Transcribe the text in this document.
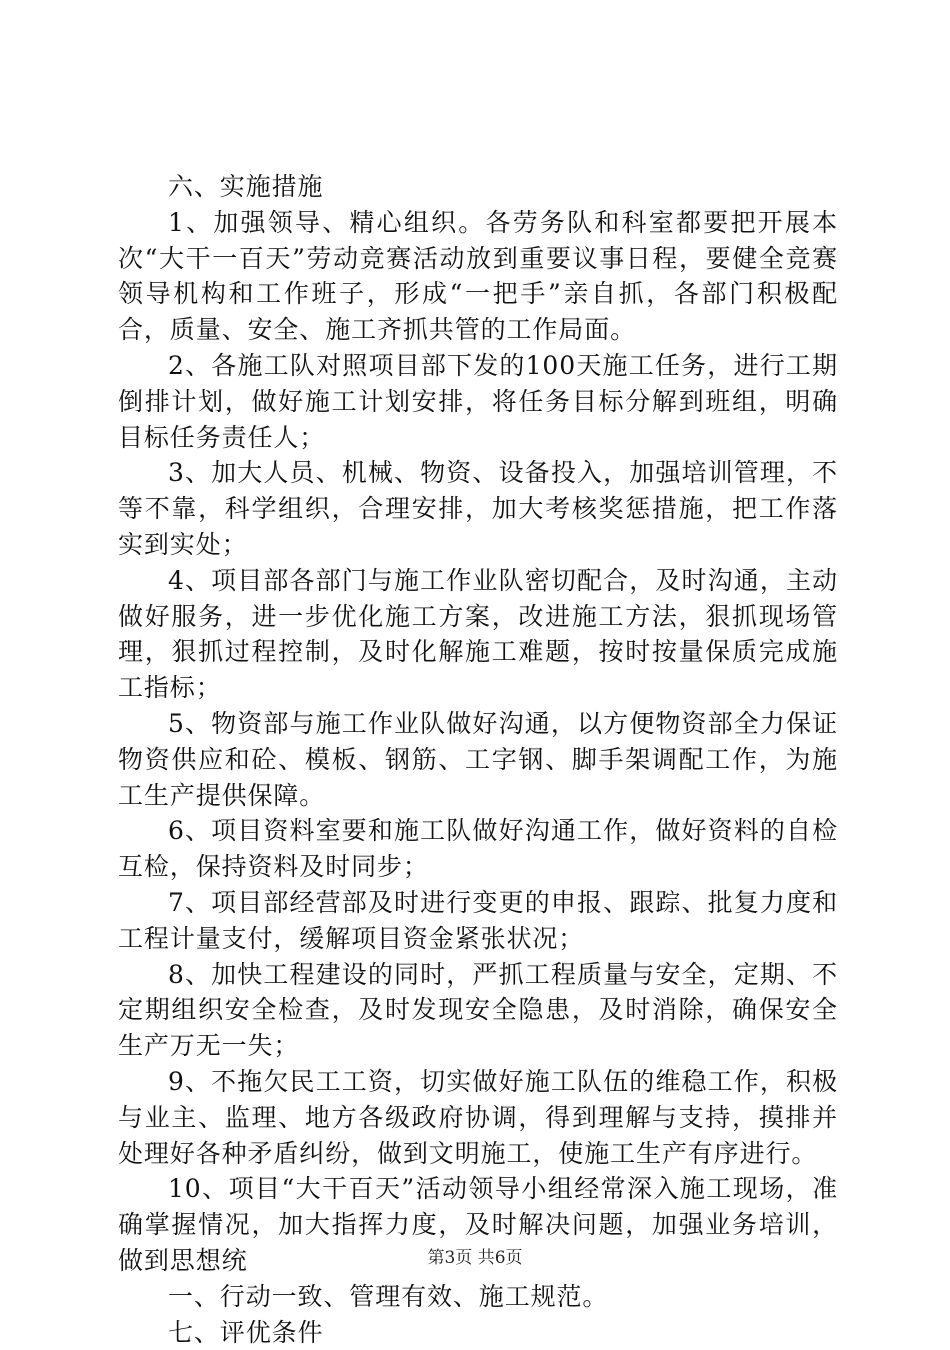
六、实施措施

1、加强领导、精心组织。各劳务队和科室都要把开展本次“大干一百天”劳动竞赛活动放到重要议事日程，要健全竞赛领导机构和工作班子，形成“一把手”亲自抓，各部门积极配合，质量、安全、施工齐抓共管的工作局面。

2、各施工队对照项目部下发的100天施工任务，进行工期倒排计划，做好施工计划安排，将任务目标分解到班组，明确目标任务责任人；

3、加大人员、机械、物资、设备投入，加强培训管理，不等不靠，科学组织，合理安排，加大考核奖惩措施，把工作落实到实处；

4、项目部各部门与施工作业队密切配合，及时沟通，主动做好服务，进一步优化施工方案，改进施工方法，狠抓现场管理，狠抓过程控制，及时化解施工难题，按时按量保质完成施工指标；

5、物资部与施工作业队做好沟通，以方便物资部全力保证物资供应和砼、模板、钢筋、工字钢、脚手架调配工作，为施工生产提供保障。

6、项目资料室要和施工队做好沟通工作，做好资料的自检互检，保持资料及时同步；

7、项目部经营部及时进行变更的申报、跟踪、批复力度和工程计量支付，缓解项目资金紧张状况；

8、加快工程建设的同时，严抓工程质量与安全，定期、不定期组织安全检查，及时发现安全隐患，及时消除，确保安全生产万无一失；

9、不拖欠民工工资，切实做好施工队伍的维稳工作，积极与业主、监理、地方各级政府协调，得到理解与支持，摸排并处理好各种矛盾纠纷，做到文明施工，使施工生产有序进行。

10、项目“大干百天”活动领导小组经常深入施工现场，准确掌握情况，加大指挥力度，及时解决问题，加强业务培训，做到思想统

一、行动一致、管理有效、施工规范。

七、评优条件

第3页 共6页
